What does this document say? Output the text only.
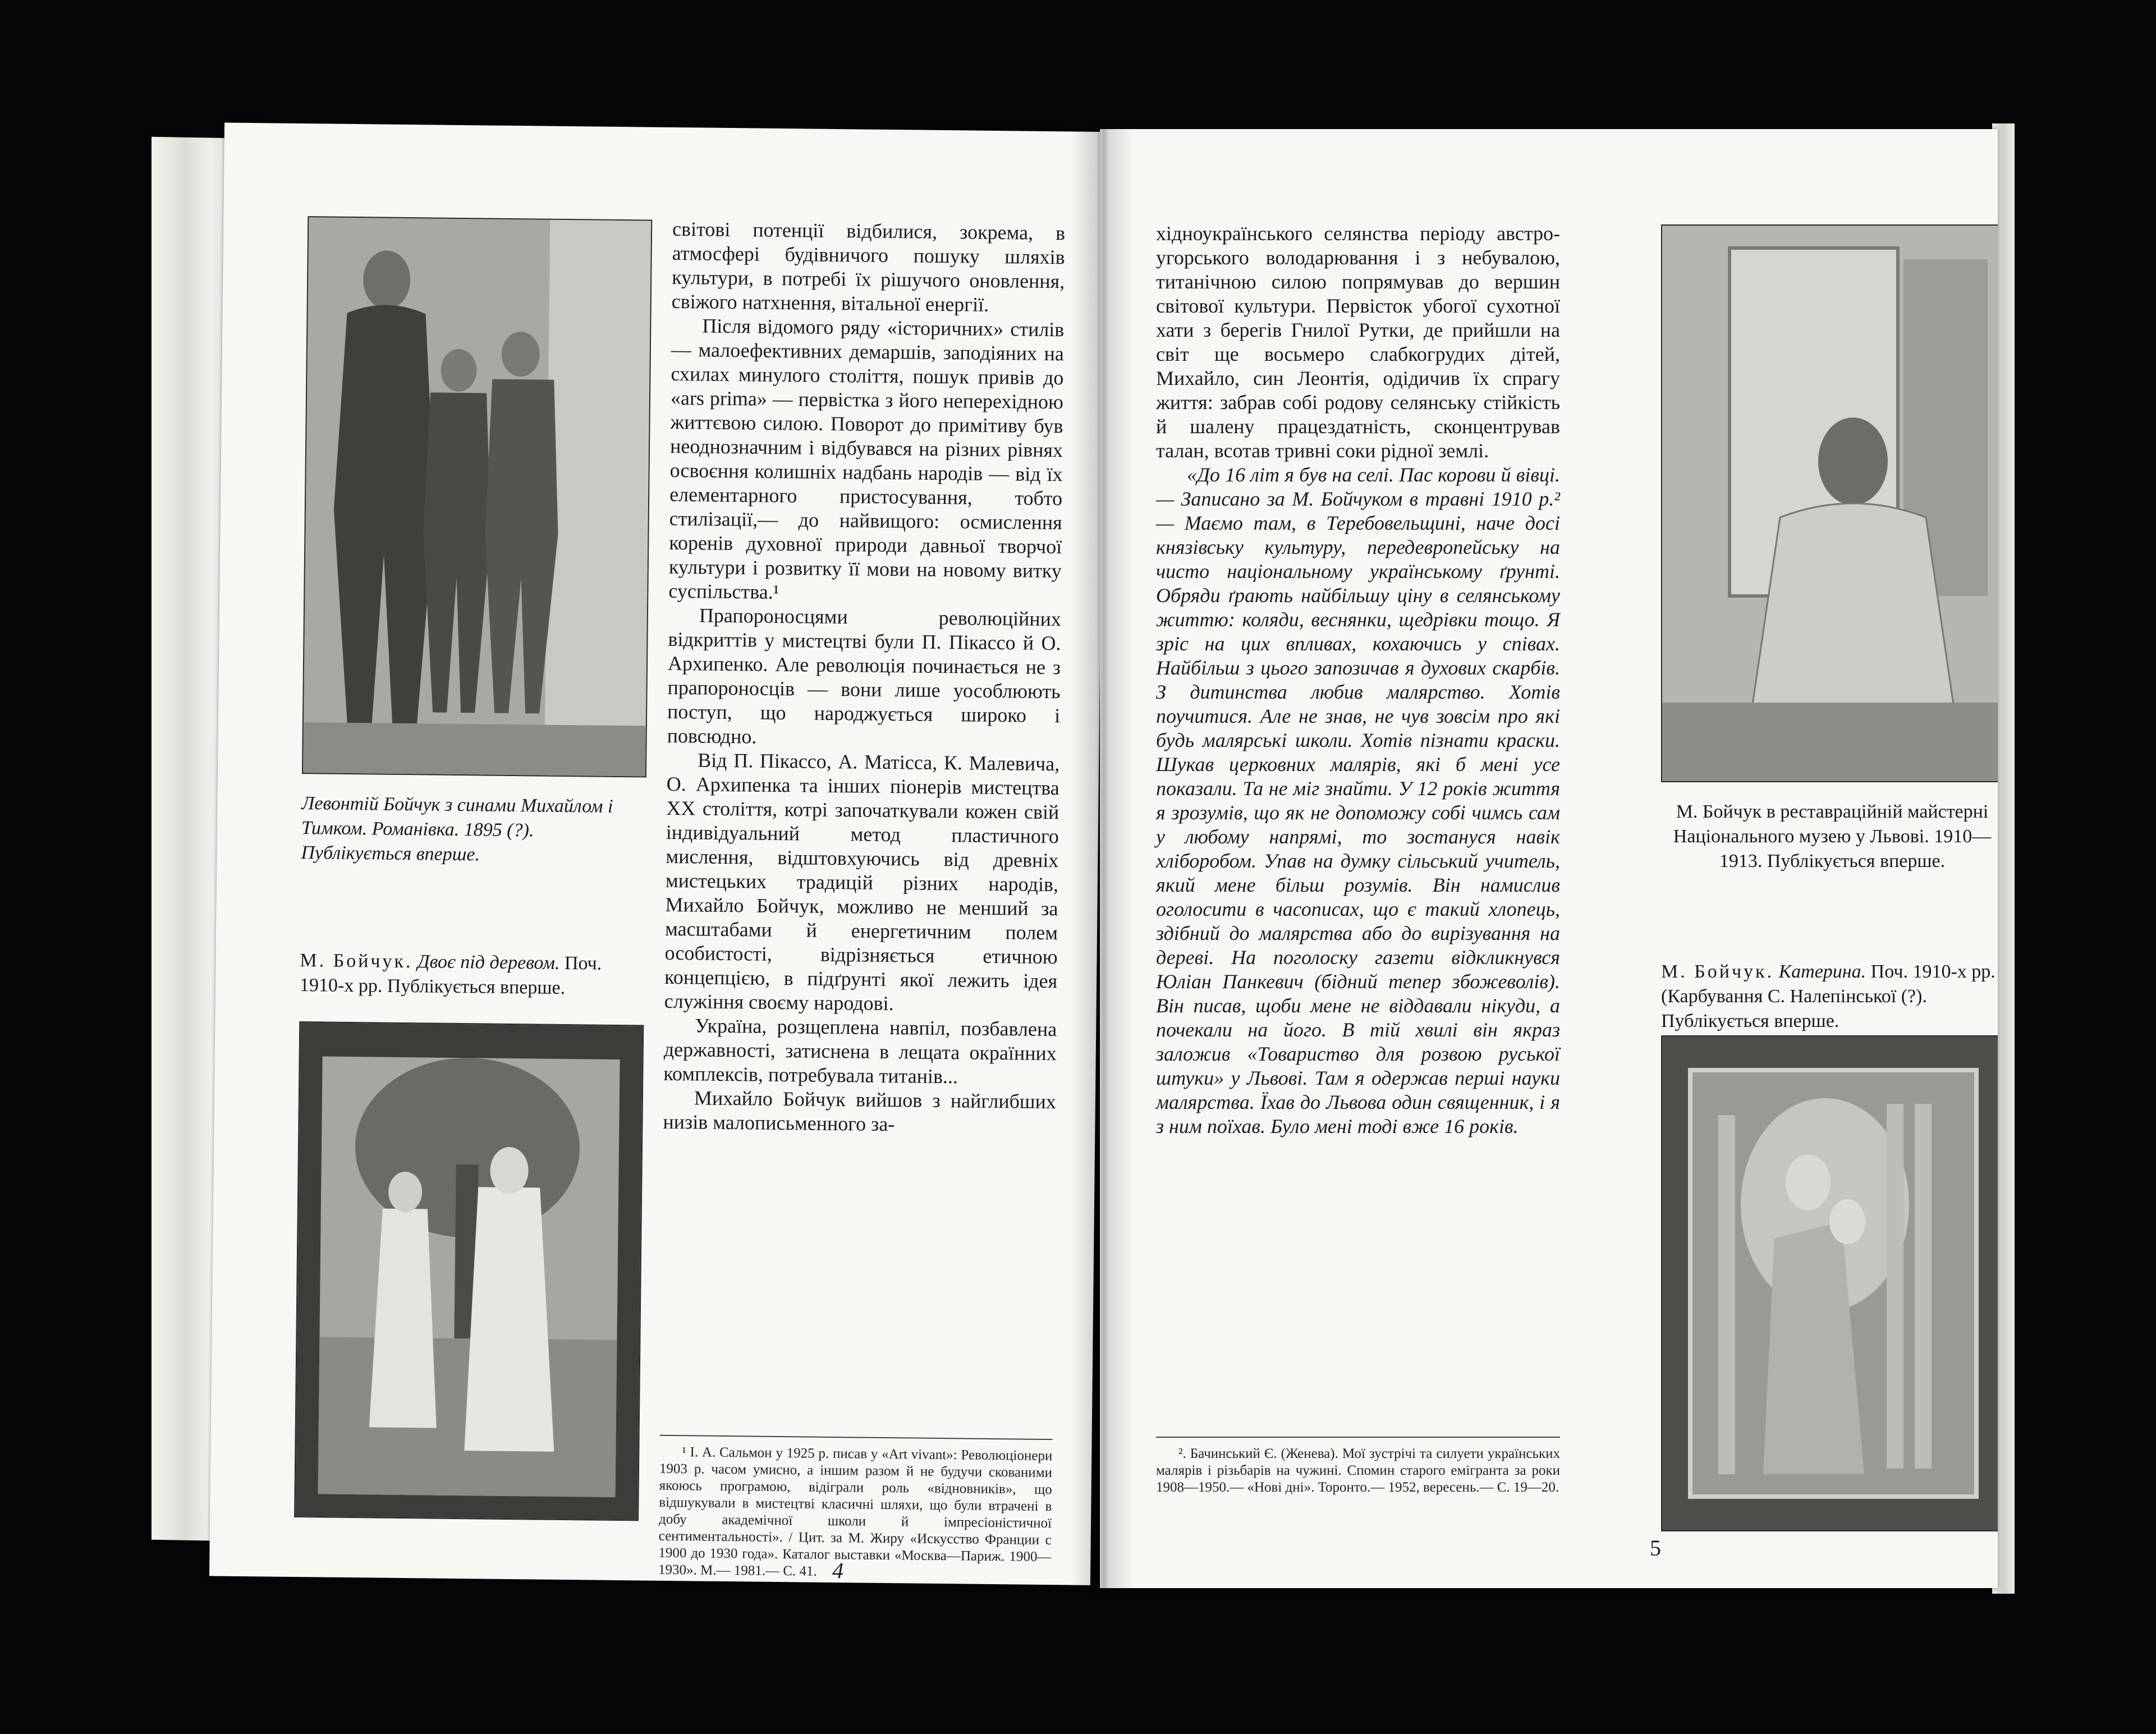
Левонтій Бойчук з синами Михайлом і Тимком. Романівка. 1895 (?). Публікується вперше.
М. Бойчук. Двоє під деревом. Поч. 1910-х рр. Публікується вперше.

світові потенції відбилися, зокрема, в атмосфері будівничого пошуку шляхів культури, в потребі їх рішучого оновлення, свіжого натхнення, вітальної енергії.

Після відомого ряду «історичних» стилів — малоефективних демаршів, заподіяних на схилах минулого століття, пошук привів до «ars prima» — первістка з його неперехідною життєвою силою. Поворот до примітиву був неоднозначним і відбувався на різних рівнях освоєння колишніх надбань народів — від їх елементарного пристосування, тобто стилізації,— до найвищого: осмислення коренів духовної природи давньої творчої культури і розвитку її мови на новому витку суспільства.¹

Прапороносцями революційних відкриттів у мистецтві були П. Пікассо й О. Архипенко. Але революція починається не з прапороносців — вони лише уособлюють поступ, що народжується широко і повсюдно.

Від П. Пікассо, А. Матісса, К. Малевича, О. Архипенка та інших піонерів мистецтва XX століття, котрі започаткували кожен свій індивідуальний метод пластичного мислення, відштовхуючись від древніх мистецьких традицій різних народів, Михайло Бойчук, можливо не менший за масштабами й енергетичним полем особистості, відрізняється етичною концепцією, в підґрунті якої лежить ідея служіння своєму народові.

Україна, розщеплена навпіл, позбавлена державності, затиснена в лещата окраїнних комплексів, потребувала титанів...

Михайло Бойчук вийшов з найглибших низів малописьменного за-

¹ І. А. Сальмон у 1925 р. писав у «Art vivant»: Революціонери 1903 р. часом умисно, а іншим разом й не будучи скованими якоюсь програмою, відіграли роль «відновників», що відшукували в мистецтві класичні шляхи, що були втрачені в добу академічної школи й імпресіоністичної сентиментальності». / Цит. за М. Жиру «Искусство Франции с 1900 до 1930 года». Каталог выставки «Москва—Париж. 1900—1930». М.— 1981.— С. 41. 4

хідноукраїнського селянства періоду австро-угорського володарювання і з небувалою, титанічною силою попрямував до вершин світової культури. Первісток убогої сухотної хати з берегів Гнилої Рутки, де прийшли на світ ще восьмеро слабкогрудих дітей, Михайло, син Леонтія, одідичив їх спрагу життя: забрав собі родову селянську стійкість й шалену працездатність, сконцентрував талан, всотав тривні соки рідної землі.

«До 16 літ я був на селі. Пас корови й вівці.— Записано за М. Бойчуком в травні 1910 р.² — Маємо там, в Теребовельщині, наче досі князівську культуру, передевропейську на чисто національному українському ґрунті. Обряди ґрають найбільшу ціну в селянському життю: коляди, веснянки, щедрівки тощо. Я зріс на цих впливах, кохаючись у співах. Найбільш з цього запозичав я духових скарбів. З дитинства любив малярство. Хотів поучитися. Але не знав, не чув зовсім про які будь малярські школи. Хотів пізнати краски. Шукав церковних малярів, які б мені усе показали. Та не міг знайти. У 12 років життя я зрозумів, що як не допоможу собі чимсь сам у любому напрямі, то зостануся навік хліборобом. Упав на думку сільський учитель, який мене більш розумів. Він намислив оголосити в часописах, що є такий хлопець, здібний до малярства або до вирізування на дереві. На поголоску газети відкликнувся Юліан Панкевич (бідний тепер збожеволів). Він писав, щоби мене не віддавали нікуди, а почекали на його. В тій хвилі він якраз заложив «Товариство для розвою руської штуки» у Львові. Там я одержав перші науки малярства. Їхав до Львова один священник, і я з ним поїхав. Було мені тоді вже 16 років.

². Бачинський Є. (Женева). Мої зустрічі та силуети українських малярів і різьбарів на чужині. Спомин старого емігранта за роки 1908—1950.— «Нові дні». Торонто.— 1952, вересень.— С. 19—20.

М. Бойчук в реставраційній майстерні Національного музею у Львові. 1910—1913. Публікується вперше.
М. Бойчук. Катерина. Поч. 1910-х рр. (Карбування С. Налепінської (?). Публікується вперше.
5
